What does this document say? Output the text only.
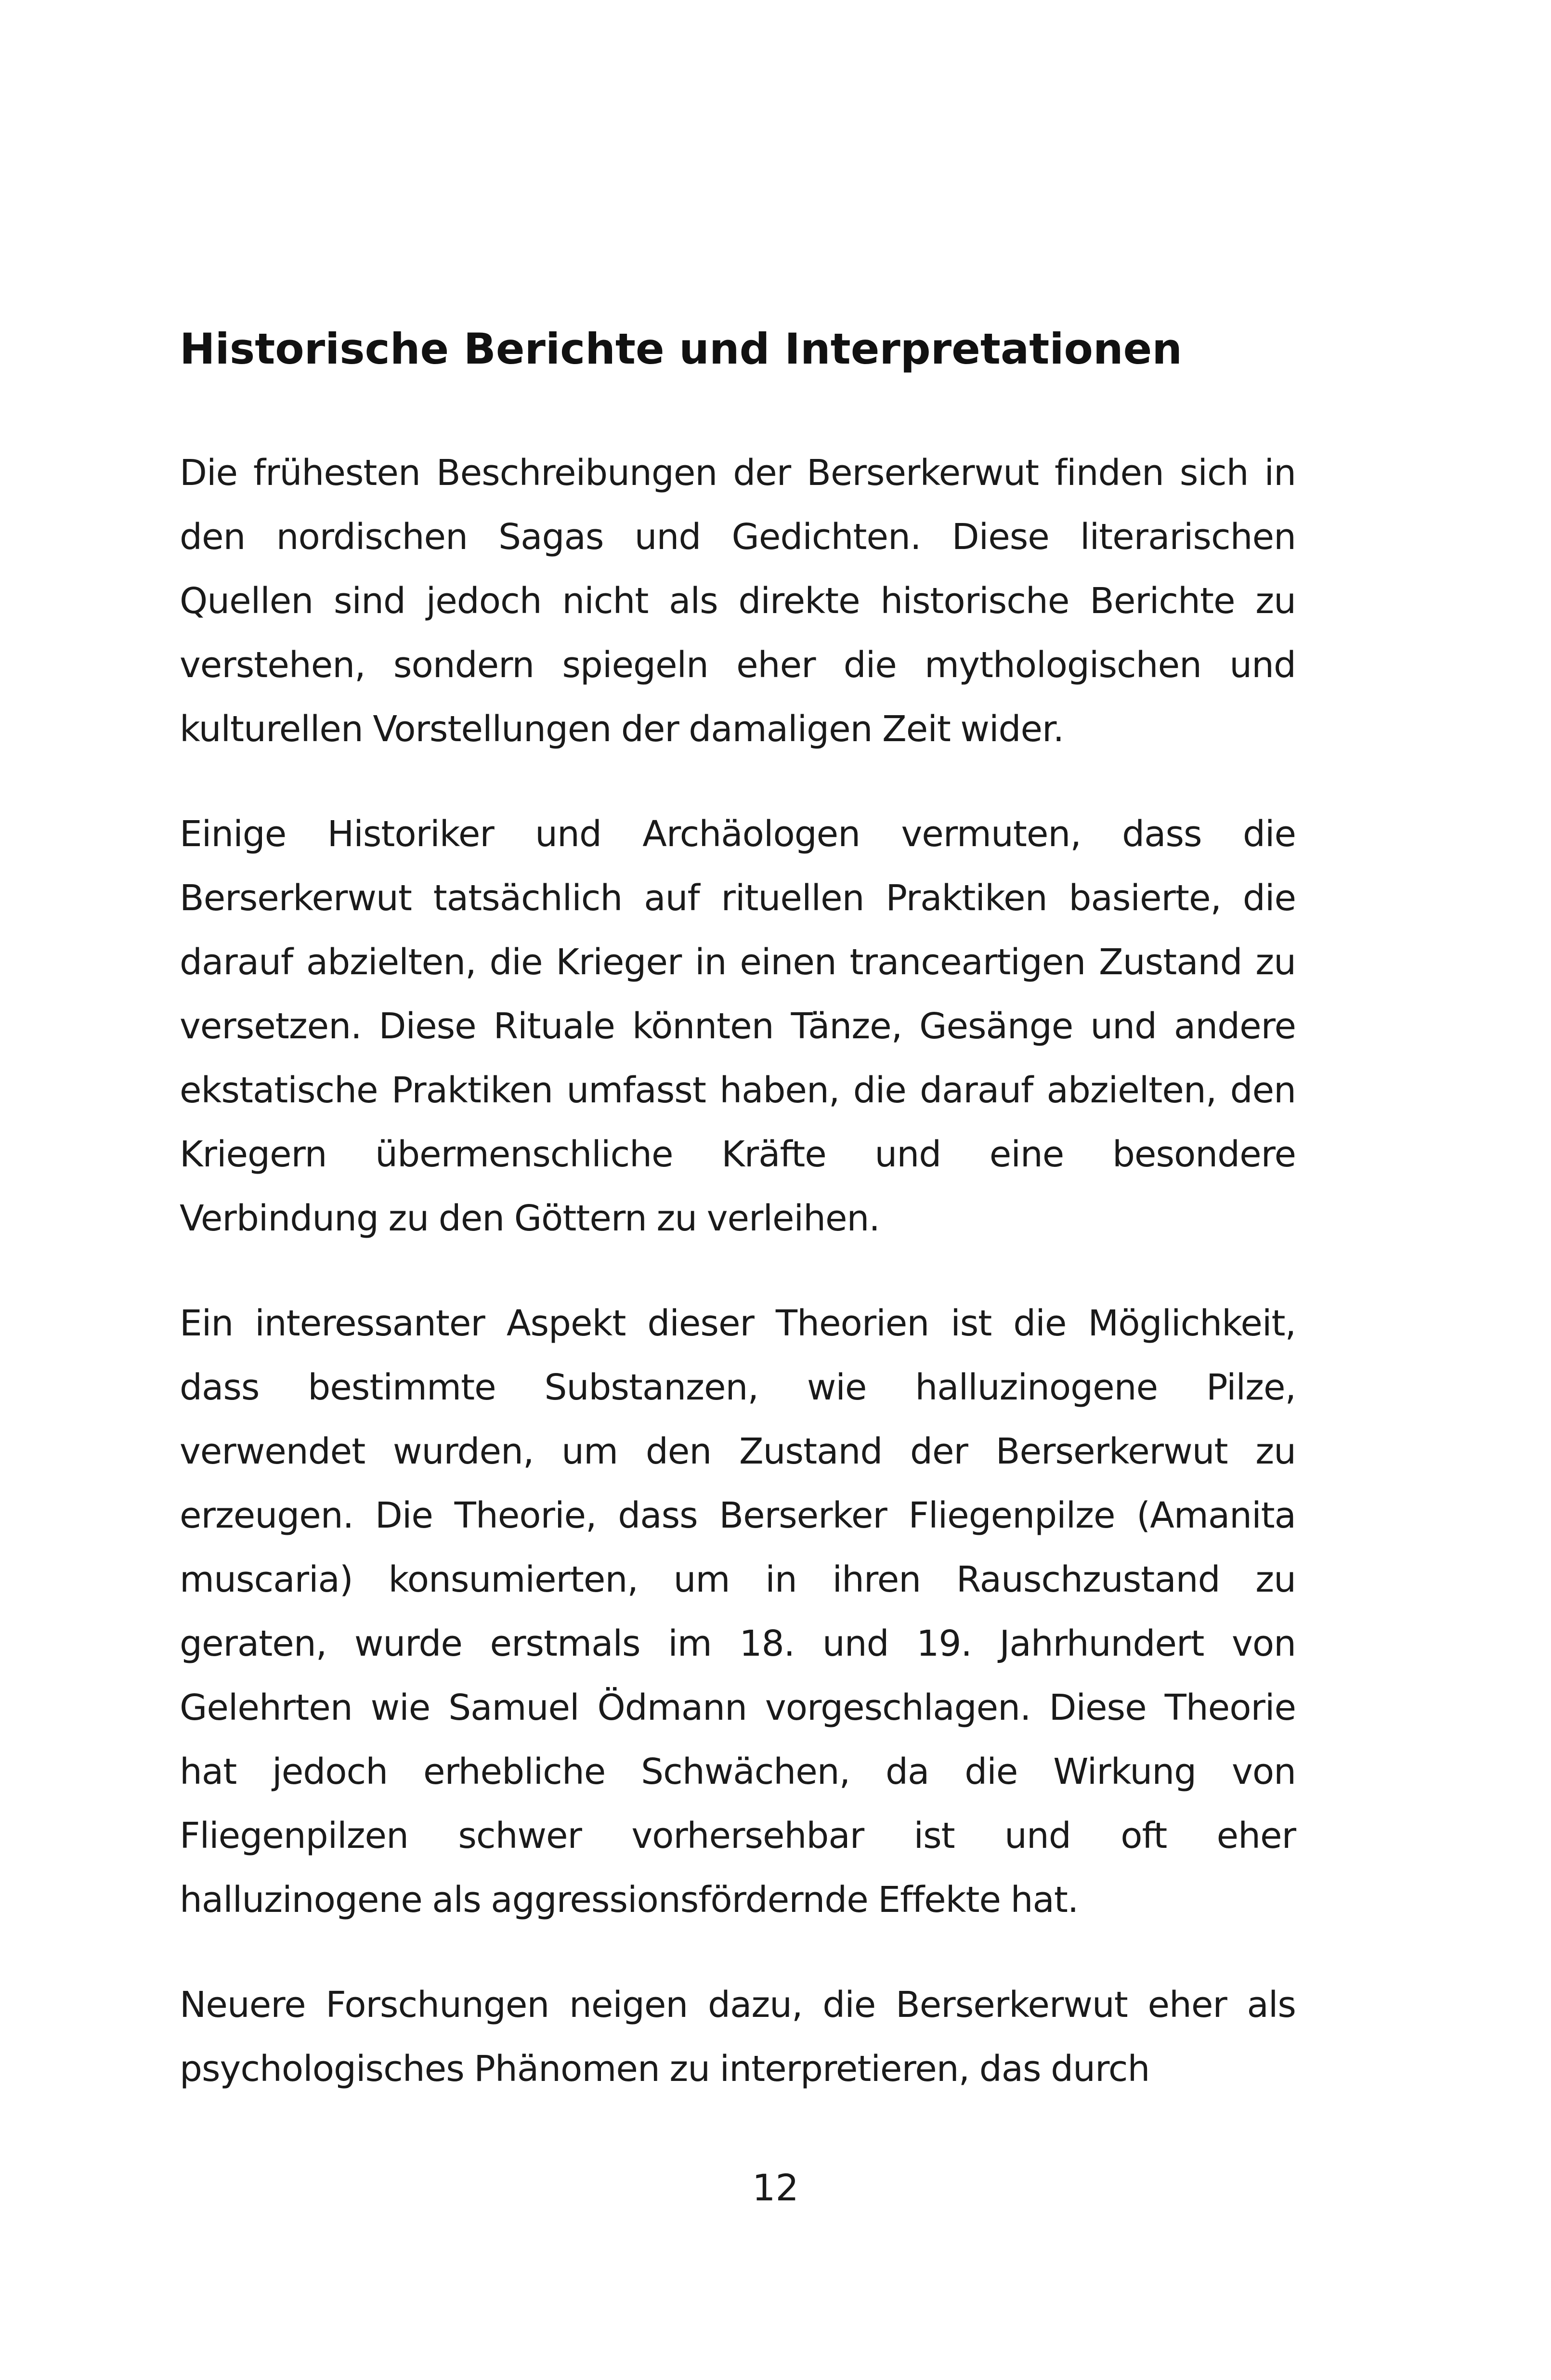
Historische Berichte und Interpretationen

Die frühesten Beschreibungen der Berserkerwut finden sich in den nordischen Sagas und Gedichten. Diese literarischen Quellen sind jedoch nicht als direkte historische Berichte zu verstehen, sondern spiegeln eher die mythologischen und kulturellen Vorstellungen der damaligen Zeit wider.

Einige Historiker und Archäologen vermuten, dass die Berserkerwut tatsächlich auf rituellen Praktiken basierte, die darauf abzielten, die Krieger in einen tranceartigen Zustand zu versetzen. Diese Rituale könnten Tänze, Gesänge und andere ekstatische Praktiken umfasst haben, die darauf abzielten, den Kriegern übermenschliche Kräfte und eine besondere Verbindung zu den Göttern zu verleihen.

Ein interessanter Aspekt dieser Theorien ist die Möglichkeit, dass bestimmte Substanzen, wie halluzinogene Pilze, verwendet wurden, um den Zustand der Berserkerwut zu erzeugen. Die Theorie, dass Berserker Fliegenpilze (Amanita muscaria) konsumierten, um in ihren Rauschzustand zu geraten, wurde erstmals im 18. und 19. Jahrhundert von Gelehrten wie Samuel Ödmann vorgeschlagen. Diese Theorie hat jedoch erhebliche Schwächen, da die Wirkung von Fliegenpilzen schwer vorhersehbar ist und oft eher halluzinogene als aggressionsfördernde Effekte hat.

Neuere Forschungen neigen dazu, die Berserkerwut eher als psychologisches Phänomen zu interpretieren, das durch

12
